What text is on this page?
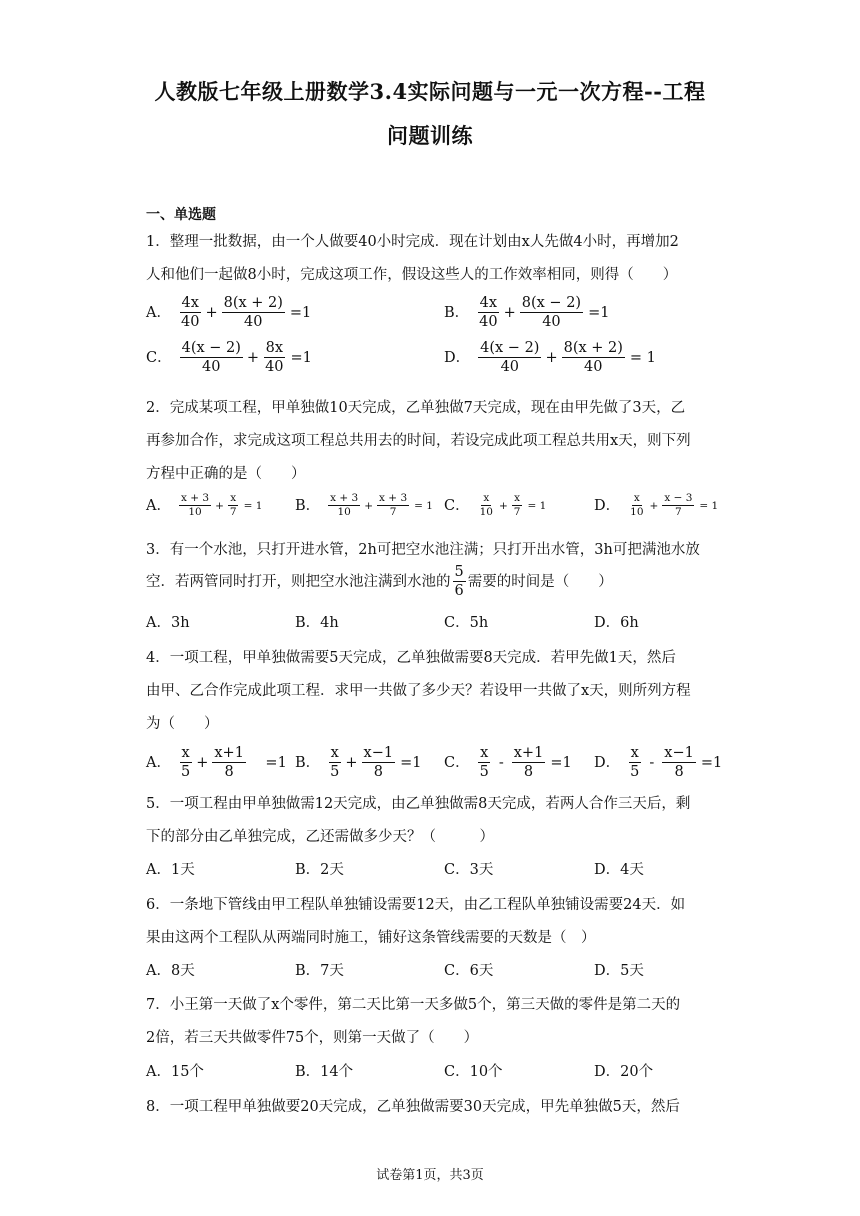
人教版七年级上册数学3.4实际问题与一元一次方程--工程
问题训练
一、单选题
1．整理一批数据，由一个人做要40小时完成．现在计划由x人先做4小时，再增加2
人和他们一起做8小时，完成这项工作，假设这些人的工作效率相同，则得（　　）
A． $\frac{4x}{40} + \frac{8(x + 2)}{40} =1$	B． $\frac{4x}{40} + \frac{8(x - 2)}{40} =1$
C． $\frac{4(x - 2)}{40} + \frac{8x}{40} =1$	D． $\frac{4(x - 2)}{40} + \frac{8(x + 2)}{40} = 1$
2．完成某项工程，甲单独做10天完成，乙单独做7天完成，现在由甲先做了3天，乙
再参加合作，求完成这项工程总共用去的时间，若设完成此项工程总共用x天，则下列
方程中正确的是（　　）
A． $\frac{x + 3}{10} + \frac{x}{7} = 1$ B． $\frac{x + 3}{10} + \frac{x + 3}{7} = 1$ C． $\frac{x}{10} + \frac{x}{7} = 1$	D． $\frac{x}{10} + \frac{x - 3}{7} = 1$
3．有一个水池，只打开进水管，2h可把空水池注满；只打开出水管，3h可把满池水放
空．若两管同时打开，则把空水池注满到水池的 $\frac{5}{6}$ 需要的时间是（　　）
A．3h	B．4h	C．5h	D．6h
4．一项工程，甲单独做需要5天完成，乙单独做需要8天完成．若甲先做1天，然后
由甲、乙合作完成此项工程．求甲一共做了多少天？若设甲一共做了x天，则所列方程
为（　　）
A． $\frac{x}{5} + \frac{x+1}{8}$ 　=1 B． $\frac{x}{5} + \frac{x-1}{8} =1$ C． $\frac{x}{5} - \frac{x+1}{8} =1$ D． $\frac{x}{5} - \frac{x-1}{8} =1$
5．一项工程由甲单独做需12天完成，由乙单独做需8天完成，若两人合作三天后，剩
下的部分由乙单独完成，乙还需做多少天？（　　　）
A．1天	B．2天	C．3天	D．4天
6．一条地下管线由甲工程队单独铺设需要12天，由乙工程队单独铺设需要24天．如
果由这两个工程队从两端同时施工，铺好这条管线需要的天数是（　）
A．8天	B．7天	C．6天	D．5天
7．小王第一天做了x个零件，第二天比第一天多做5个，第三天做的零件是第二天的
2倍，若三天共做零件75个，则第一天做了（　　）
A．15个	B．14个	C．10个	D．20个
8．一项工程甲单独做要20天完成，乙单独做需要30天完成，甲先单独做5天，然后
试卷第1页，共3页
